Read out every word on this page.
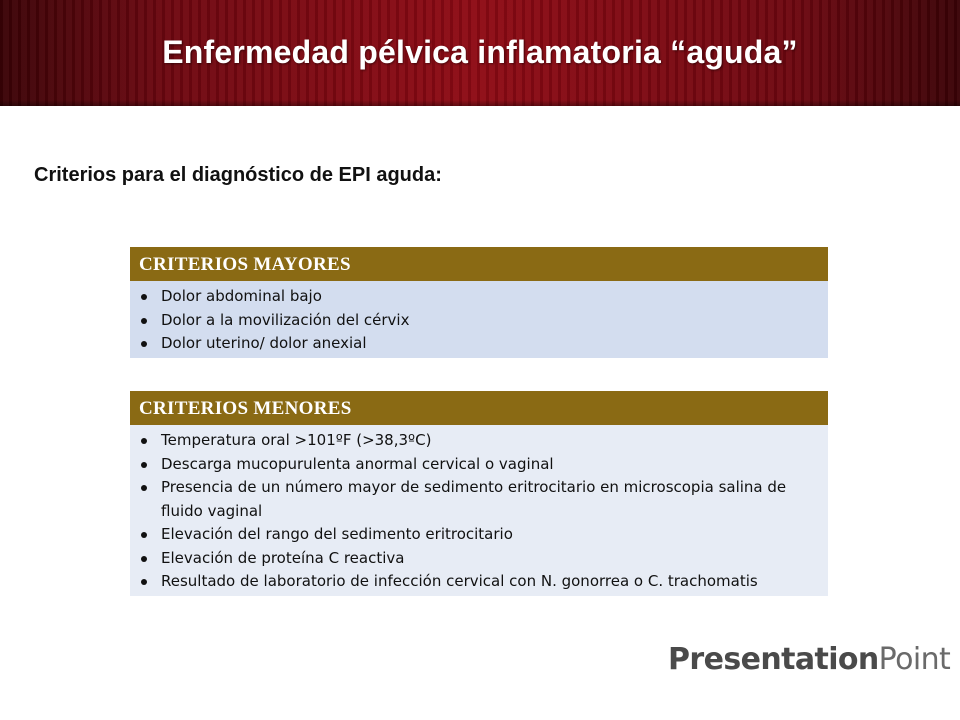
Enfermedad pélvica inflamatoria “aguda”
Criterios para el diagnóstico de EPI aguda:
CRITERIOS MAYORES
Dolor abdominal bajo
Dolor a la movilización del cérvix
Dolor uterino/ dolor anexial
CRITERIOS MENORES
Temperatura oral >101ºF (>38,3ºC)
Descarga mucopurulenta anormal cervical o vaginal
Presencia de un número mayor de sedimento eritrocitario en microscopia salina de fluido vaginal
Elevación del rango del sedimento eritrocitario
Elevación de proteína C reactiva
Resultado de laboratorio de infección cervical con N. gonorrea o C. trachomatis
PresentationPoint
